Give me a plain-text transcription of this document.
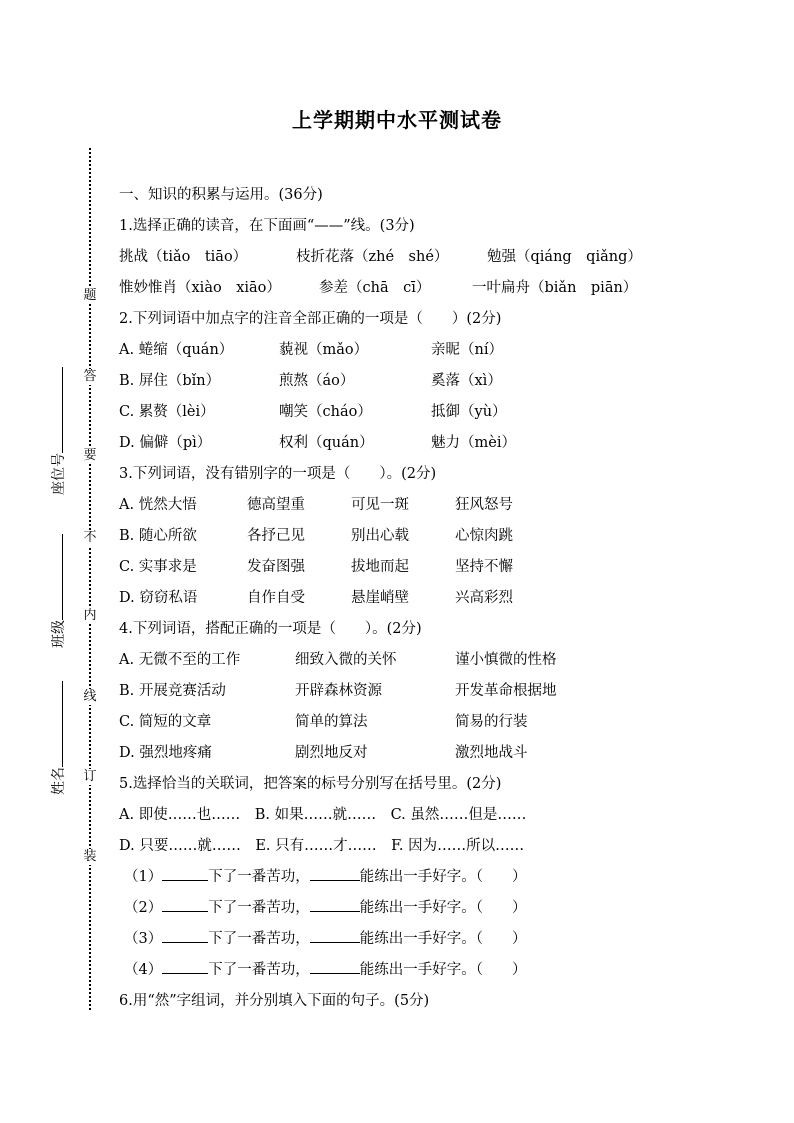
上学期期中水平测试卷
题
答
要
不
内
线
订
装
姓名
班级
座位号
一、知识的积累与运用。(36分)
1.选择正确的读音，在下面画“——”线。(3分)
挑战（tiǎo　tiāo）	枝折花落（zhé　shé）	勉强（qiáng　qiǎng）
惟妙惟肖（xiào　xiāo）	参差（chā　cī）	一叶扁舟（biǎn　piān）
2.下列词语中加点字的注音全部正确的一项是（　　）(2分)
A. 蜷缩（quán）	藐视（mǎo）	亲昵（ní）
B. 屏住（bǐn）	煎熬（áo）	奚落（xì）
C. 累赘（lèi）	嘲笑（cháo）	抵御（yù）
D. 偏僻（pì）	权利（quán）	魅力（mèi）
3.下列词语，没有错别字的一项是（　　）。(2分)
A. 恍然大悟	德高望重	可见一斑	狂风怒号
B. 随心所欲	各抒己见	别出心载	心惊肉跳
C. 实事求是	发奋图强	拔地而起	坚持不懈
D. 窃窃私语	自作自受	悬崖峭壁	兴高彩烈
4.下列词语，搭配正确的一项是（　　）。(2分)
A. 无微不至的工作	细致入微的关怀	谨小慎微的性格
B. 开展竞赛活动	开辟森林资源	开发革命根据地
C. 简短的文章	简单的算法	简易的行装
D. 强烈地疼痛	剧烈地反对	激烈地战斗
5.选择恰当的关联词，把答案的标号分别写在括号里。(2分)
A. 即使……也……　B. 如果……就……　C. 虽然……但是……
D. 只要……就……　E. 只有……才……　F. 因为……所以……
（1）	下了一番苦功，	能练出一手好字。（　　）
（2）	下了一番苦功，	能练出一手好字。（　　）
（3）	下了一番苦功，	能练出一手好字。（　　）
（4）	下了一番苦功，	能练出一手好字。（　　）
6.用“然”字组词，并分别填入下面的句子。(5分)
